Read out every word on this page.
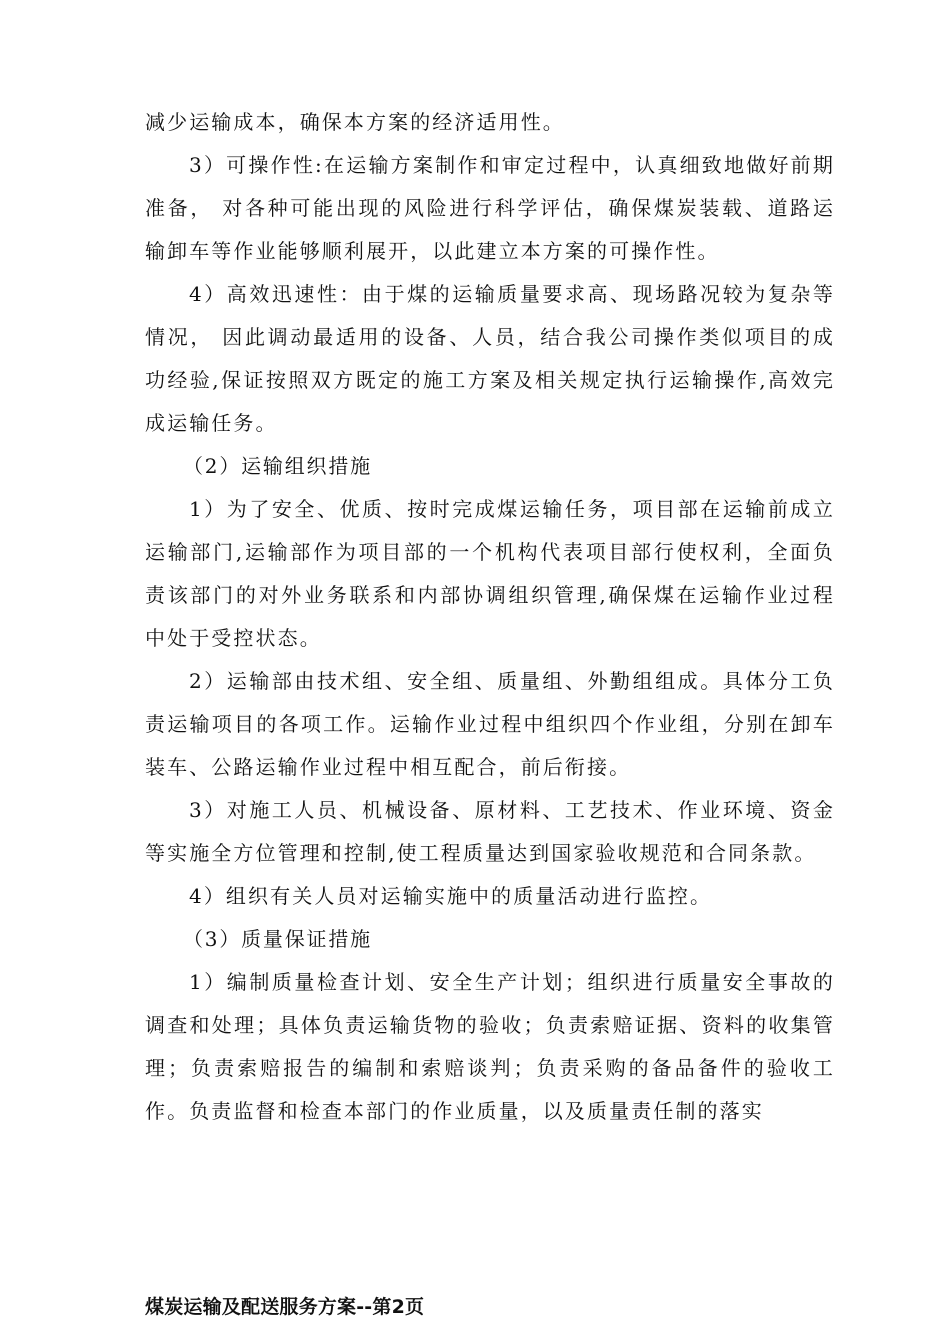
减少运输成本，确保本方案的经济适用性。

3）可操作性:在运输方案制作和审定过程中，认真细致地做好前期准备， 对各种可能出现的风险进行科学评估，确保煤炭装载、道路运输卸车等作业能够顺利展开，以此建立本方案的可操作性。

4）高效迅速性：由于煤的运输质量要求高、现场路况较为复杂等情况， 因此调动最适用的设备、人员，结合我公司操作类似项目的成功经验,保证按照双方既定的施工方案及相关规定执行运输操作,高效完成运输任务。

（2）运输组织措施

1）为了安全、优质、按时完成煤运输任务，项目部在运输前成立运输部门,运输部作为项目部的一个机构代表项目部行使权利，全面负责该部门的对外业务联系和内部协调组织管理,确保煤在运输作业过程中处于受控状态。

2）运输部由技术组、安全组、质量组、外勤组组成。具体分工负责运输项目的各项工作。运输作业过程中组织四个作业组，分别在卸车装车、公路运输作业过程中相互配合，前后衔接。

3）对施工人员、机械设备、原材料、工艺技术、作业环境、资金等实施全方位管理和控制,使工程质量达到国家验收规范和合同条款。

4）组织有关人员对运输实施中的质量活动进行监控。

（3）质量保证措施

1）编制质量检查计划、安全生产计划；组织进行质量安全事故的调查和处理；具体负责运输货物的验收；负责索赔证据、资料的收集管理；负责索赔报告的编制和索赔谈判；负责采购的备品备件的验收工作。负责监督和检查本部门的作业质量，以及质量责任制的落实

煤炭运输及配送服务方案--第2页
